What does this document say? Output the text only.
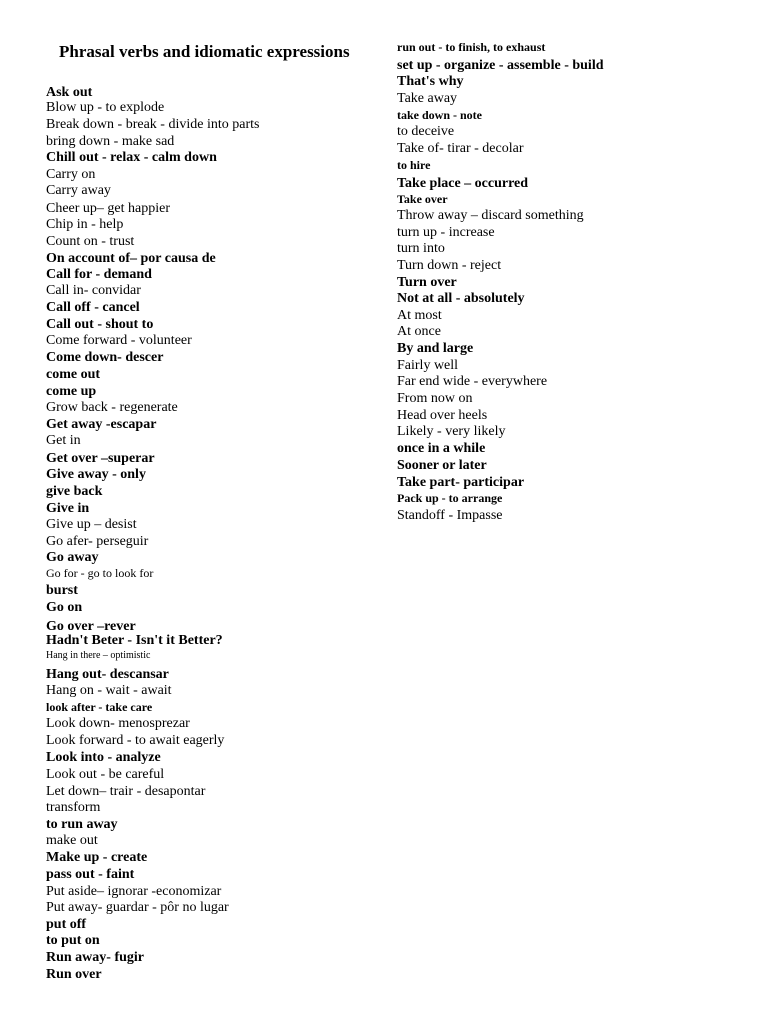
Phrasal verbs and idiomatic expressions
Ask out
Blow up - to explode
Break down - break - divide into parts
bring down - make sad
Chill out - relax - calm down
Carry on
Carry away
Cheer up– get happier
Chip in - help
Count on - trust
On account of– por causa de
Call for - demand
Call in- convidar
Call off - cancel
Call out - shout to
Come forward - volunteer
Come down- descer
come out
come up
Grow back - regenerate
Get away -escapar
Get in
Get over –superar
Give away - only
give back
Give in
Give up – desist
Go afer- perseguir
Go away
Go for - go to look for
burst
Go on
Go over –rever
Hadn't Beter - Isn't it Better?
Hang in there – optimistic
Hang out- descansar
Hang on - wait - await
look after - take care
Look down- menosprezar
Look forward - to await eagerly
Look into - analyze
Look out - be careful
Let down– trair - desapontar
transform
to run away
make out
Make up - create
pass out - faint
Put aside– ignorar -economizar
Put away- guardar - pôr no lugar
put off
to put on
Run away- fugir
Run over
run out - to finish, to exhaust
set up - organize - assemble - build
That's why
Take away
take down - note
to deceive
Take of- tirar - decolar
to hire
Take place – occurred
Take over
Throw away – discard something
turn up - increase
turn into
Turn down - reject
Turn over
Not at all - absolutely
At most
At once
By and large
Fairly well
Far end wide - everywhere
From now on
Head over heels
Likely - very likely
once in a while
Sooner or later
Take part- participar
Pack up - to arrange
Standoff - Impasse
